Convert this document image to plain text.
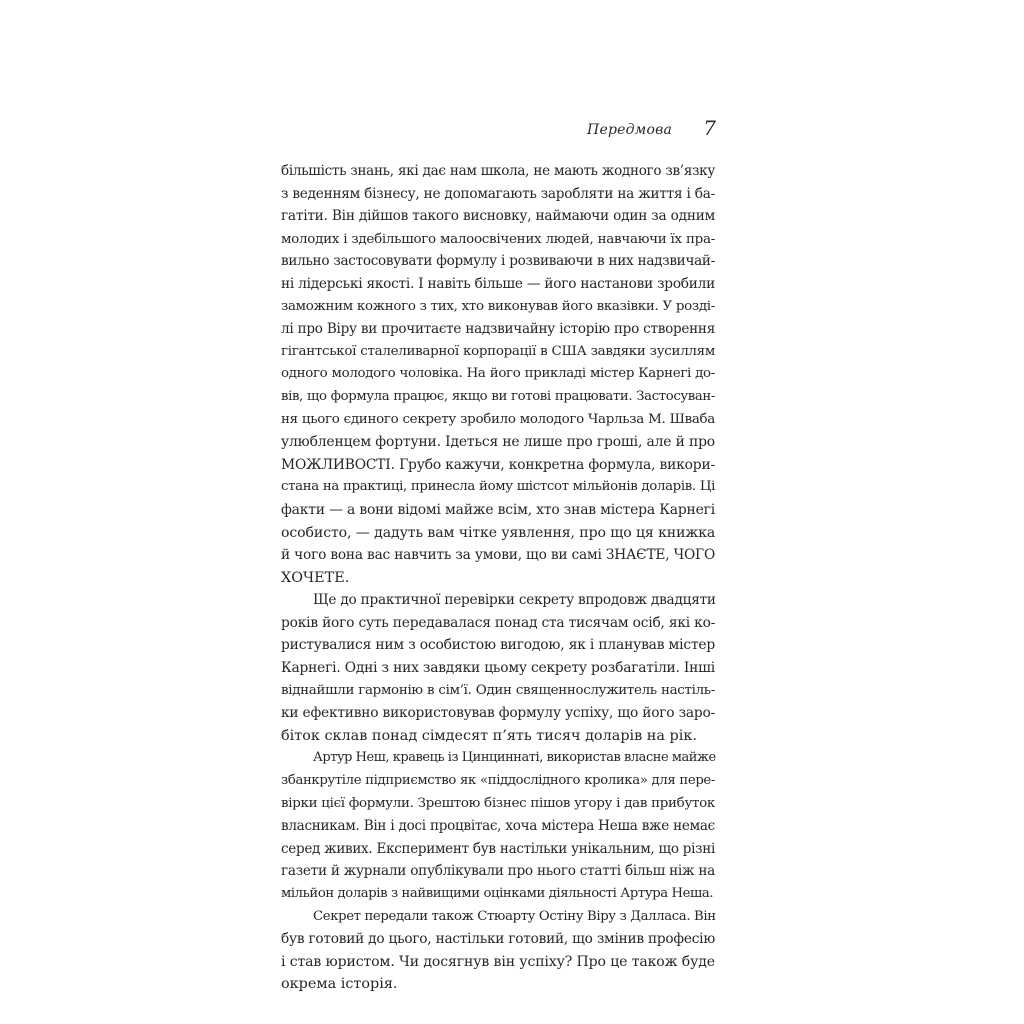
Передмова 7

більшість знань, які дає нам школа, не мають жодного зв’язку
з веденням бізнесу, не допомагають заробляти на життя і ба-
гатіти. Він дійшов такого висновку, наймаючи один за одним
молодих і здебільшого малоосвічених людей, навчаючи їх пра-
вильно застосовувати формулу і розвиваючи в них надзвичай-
ні лідерські якості. І навіть більше — його настанови зробили
заможним кожного з тих, хто виконував його вказівки. У розді-
лі про Віру ви прочитаєте надзвичайну історію про створення
гігантської сталеливарної корпорації в США завдяки зусиллям
одного молодого чоловіка. На його прикладі містер Карнегі до-
вів, що формула працює, якщо ви готові працювати. Застосуван-
ня цього єдиного секрету зробило молодого Чарльза М. Шваба
улюбленцем фортуни. Ідеться не лише про гроші, але й про
МОЖЛИВОСТІ. Грубо кажучи, конкретна формула, викори-
стана на практиці, принесла йому шістсот мільйонів доларів. Ці
факти — а вони відомі майже всім, хто знав містера Карнегі
особисто, — дадуть вам чітке уявлення, про що ця книжка
й чого вона вас навчить за умови, що ви самі ЗНАЄТЕ, ЧОГО
ХОЧЕТЕ.

Ще до практичної перевірки секрету впродовж двадцяти
років його суть передавалася понад ста тисячам осіб, які ко-
ристувалися ним з особистою вигодою, як і планував містер
Карнегі. Одні з них завдяки цьому секрету розбагатіли. Інші
віднайшли гармонію в сім’ї. Один священнослужитель настіль-
ки ефективно використовував формулу успіху, що його заро-
біток склав понад сімдесят п’ять тисяч доларів на рік.

Артур Неш, кравець із Цинциннаті, використав власне майже
збанкрутіле підприємство як «піддослідного кролика» для пере-
вірки цієї формули. Зрештою бізнес пішов угору і дав прибуток
власникам. Він і досі процвітає, хоча містера Неша вже немає
серед живих. Експеримент був настільки унікальним, що різні
газети й журнали опублікували про нього статті більш ніж на
мільйон доларів з найвищими оцінками діяльності Артура Неша.

Секрет передали також Стюарту Остіну Віру з Далласа. Він
був готовий до цього, настільки готовий, що змінив професію
і став юристом. Чи досягнув він успіху? Про це також буде
окрема історія.
